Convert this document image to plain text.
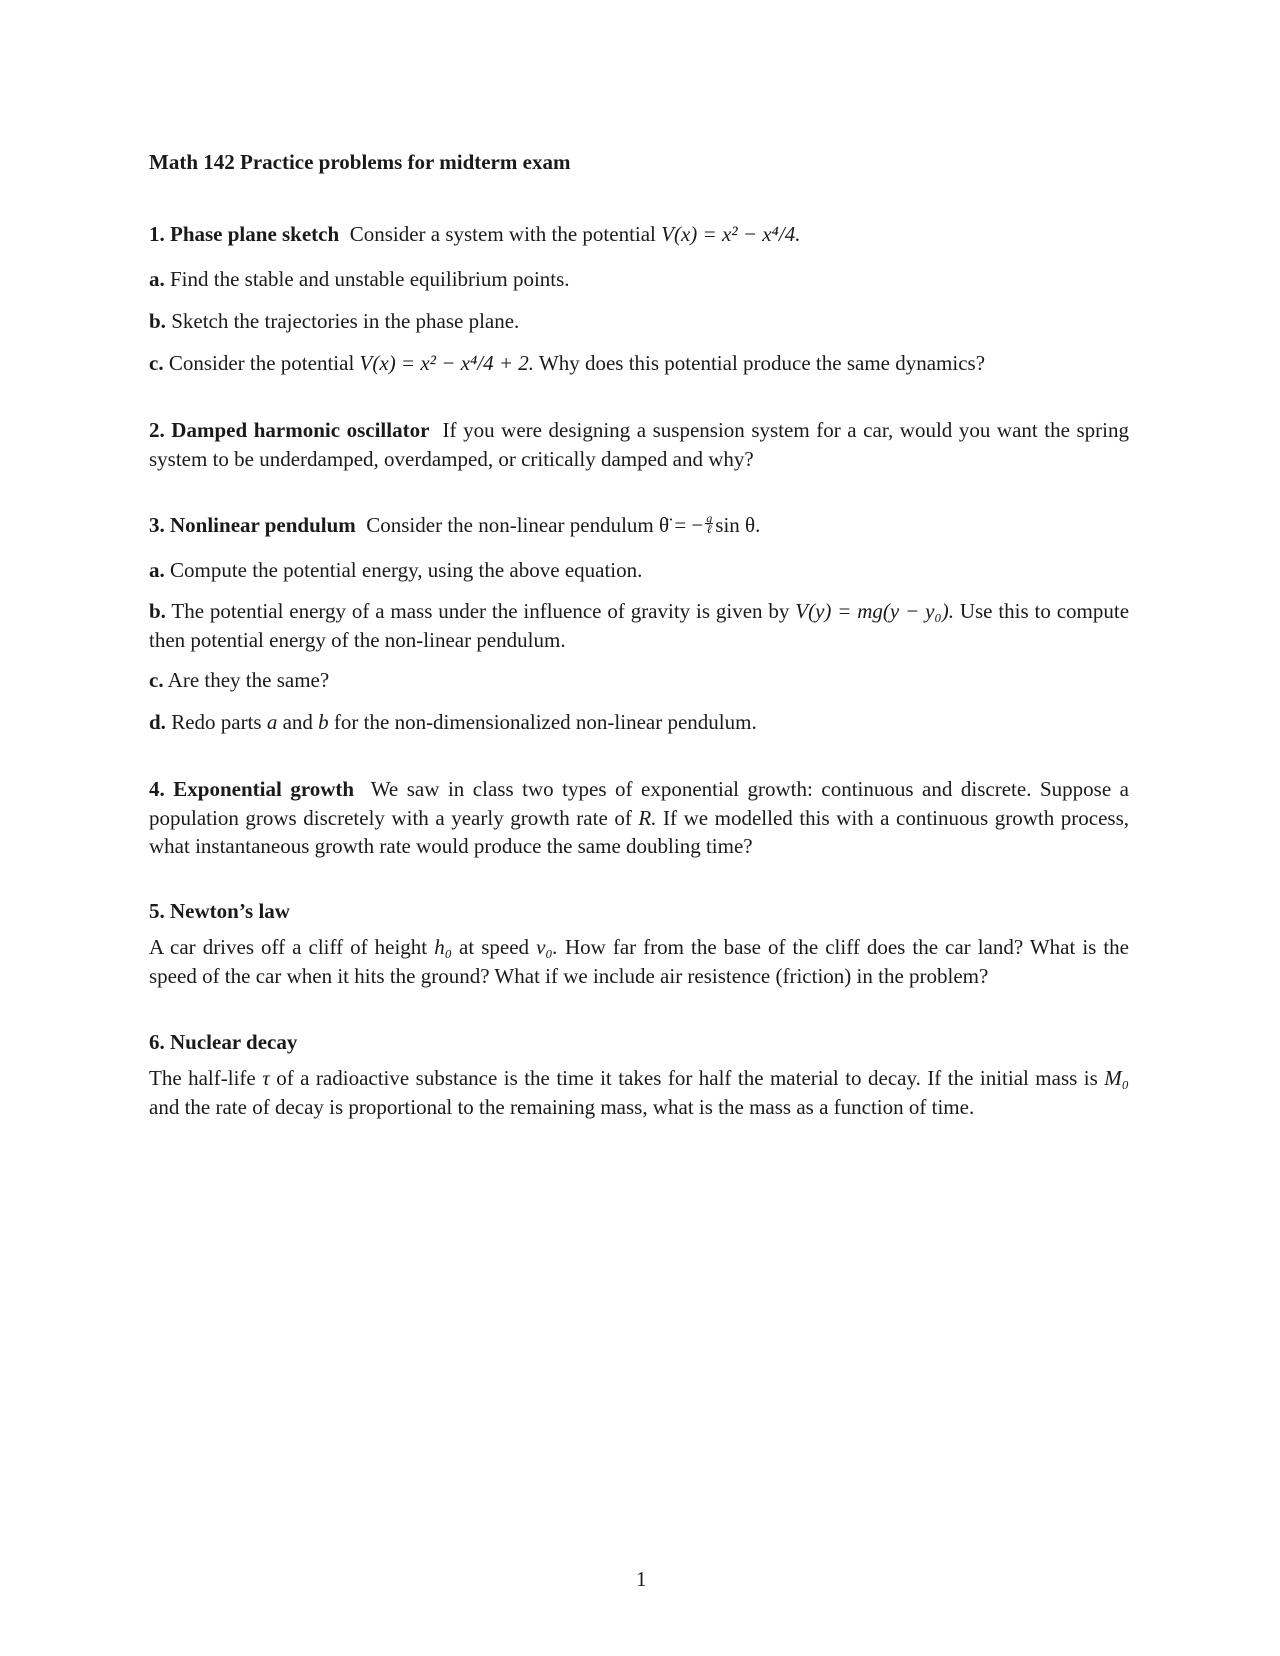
Math 142 Practice problems for midterm exam
1. Phase plane sketch Consider a system with the potential V(x) = x² − x⁴/4.
a. Find the stable and unstable equilibrium points.
b. Sketch the trajectories in the phase plane.
c. Consider the potential V(x) = x² − x⁴/4 + 2. Why does this potential produce the same dynamics?
2. Damped harmonic oscillator If you were designing a suspension system for a car, would you want the spring system to be underdamped, overdamped, or critically damped and why?
3. Nonlinear pendulum Consider the non-linear pendulum θ̈ = − $\frac{g}{\text{ℓ}}$ sin θ.
a. Compute the potential energy, using the above equation.
b. The potential energy of a mass under the influence of gravity is given by V(y) = mg(y − y₀). Use this to compute then potential energy of the non-linear pendulum.
c. Are they the same?
d. Redo parts a and b for the non-dimensionalized non-linear pendulum.
4. Exponential growth We saw in class two types of exponential growth: continuous and discrete. Suppose a population grows discretely with a yearly growth rate of R. If we modelled this with a continuous growth process, what instantaneous growth rate would produce the same doubling time?
5. Newton’s law
A car drives off a cliff of height h₀ at speed v₀. How far from the base of the cliff does the car land? What is the speed of the car when it hits the ground? What if we include air resistence (friction) in the problem?
6. Nuclear decay
The half-life τ of a radioactive substance is the time it takes for half the material to decay. If the initial mass is M₀ and the rate of decay is proportional to the remaining mass, what is the mass as a function of time.
1
